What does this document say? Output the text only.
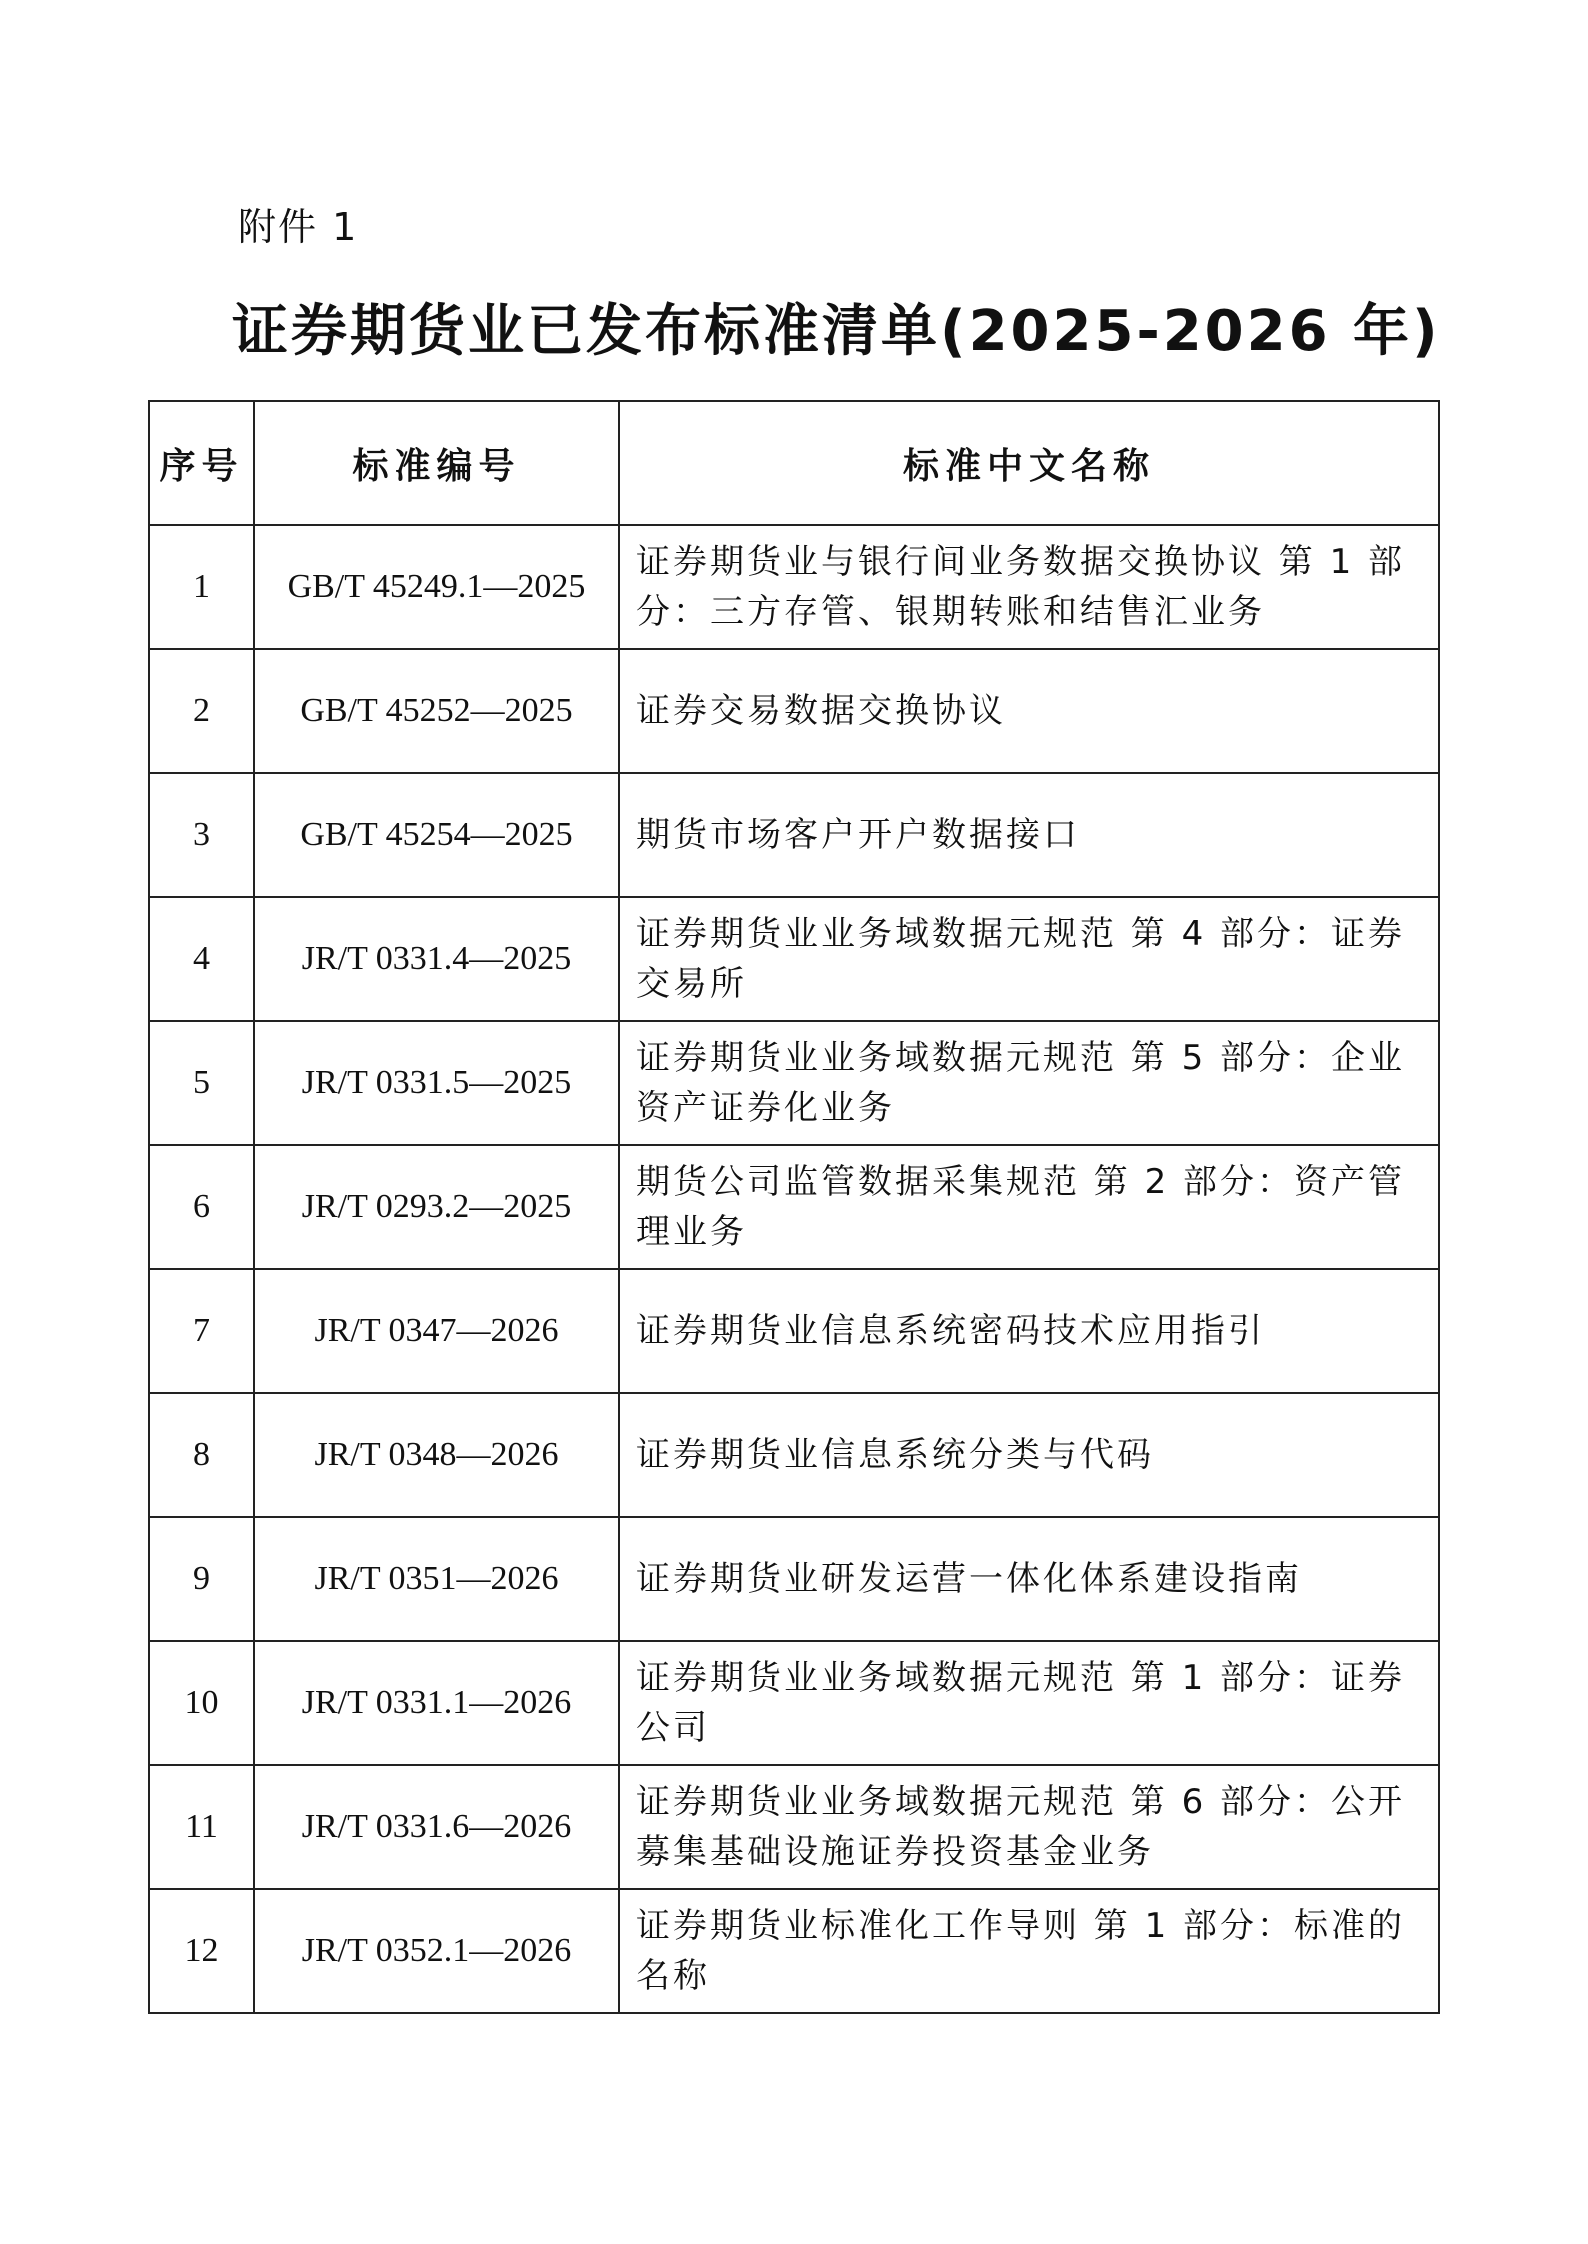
附件 1
证券期货业已发布标准清单(2025-2026 年)
序号	标准编号	标准中文名称
1	GB/T 45249.1—2025	证券期货业与银行间业务数据交换协议 第 1 部分：三方存管、银期转账和结售汇业务
2	GB/T 45252—2025	证券交易数据交换协议
3	GB/T 45254—2025	期货市场客户开户数据接口
4	JR/T 0331.4—2025	证券期货业业务域数据元规范 第 4 部分：证券交易所
5	JR/T 0331.5—2025	证券期货业业务域数据元规范 第 5 部分：企业资产证券化业务
6	JR/T 0293.2—2025	期货公司监管数据采集规范 第 2 部分：资产管理业务
7	JR/T 0347—2026	证券期货业信息系统密码技术应用指引
8	JR/T 0348—2026	证券期货业信息系统分类与代码
9	JR/T 0351—2026	证券期货业研发运营一体化体系建设指南
10	JR/T 0331.1—2026	证券期货业业务域数据元规范 第 1 部分：证券公司
11	JR/T 0331.6—2026	证券期货业业务域数据元规范 第 6 部分：公开募集基础设施证券投资基金业务
12	JR/T 0352.1—2026	证券期货业标准化工作导则 第 1 部分：标准的名称
